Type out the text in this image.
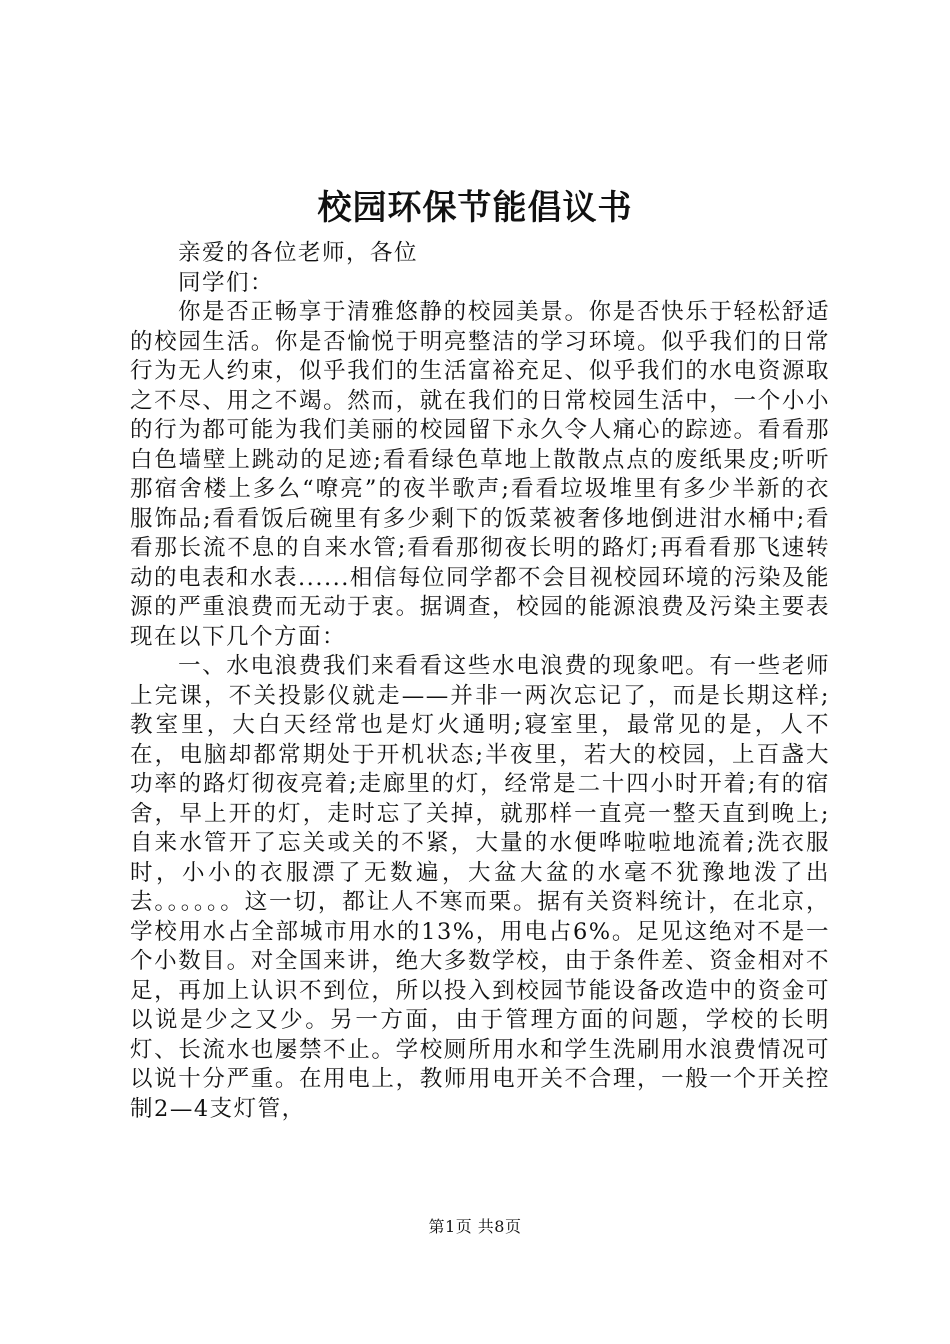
校园环保节能倡议书

亲爱的各位老师，各位

同学们：

你是否正畅享于清雅悠静的校园美景。你是否快乐于轻松舒适的校园生活。你是否愉悦于明亮整洁的学习环境。似乎我们的日常行为无人约束，似乎我们的生活富裕充足、似乎我们的水电资源取之不尽、用之不竭。然而，就在我们的日常校园生活中，一个小小的行为都可能为我们美丽的校园留下永久令人痛心的踪迹。看看那白色墙壁上跳动的足迹;看看绿色草地上散散点点的废纸果皮;听听那宿舍楼上多么“嘹亮”的夜半歌声;看看垃圾堆里有多少半新的衣服饰品;看看饭后碗里有多少剩下的饭菜被奢侈地倒进泔水桶中;看看那长流不息的自来水管;看看那彻夜长明的路灯;再看看那飞速转动的电表和水表......相信每位同学都不会目视校园环境的污染及能源的严重浪费而无动于衷。据调查，校园的能源浪费及污染主要表现在以下几个方面：

一、水电浪费我们来看看这些水电浪费的现象吧。有一些老师上完课，不关投影仪就走——并非一两次忘记了，而是长期这样;教室里，大白天经常也是灯火通明;寝室里，最常见的是，人不在，电脑却都常期处于开机状态;半夜里，若大的校园，上百盏大功率的路灯彻夜亮着;走廊里的灯，经常是二十四小时开着;有的宿舍，早上开的灯，走时忘了关掉，就那样一直亮一整天直到晚上;自来水管开了忘关或关的不紧，大量的水便哗啦啦地流着;洗衣服时，小小的衣服漂了无数遍，大盆大盆的水毫不犹豫地泼了出去。。。。。。这一切，都让人不寒而栗。据有关资料统计，在北京，学校用水占全部城市用水的13%，用电占6%。足见这绝对不是一个小数目。对全国来讲，绝大多数学校，由于条件差、资金相对不足，再加上认识不到位，所以投入到校园节能设备改造中的资金可以说是少之又少。另一方面，由于管理方面的问题，学校的长明灯、长流水也屡禁不止。学校厕所用水和学生洗刷用水浪费情况可以说十分严重。在用电上，教师用电开关不合理，一般一个开关控制2—4支灯管，

第1页 共8页
